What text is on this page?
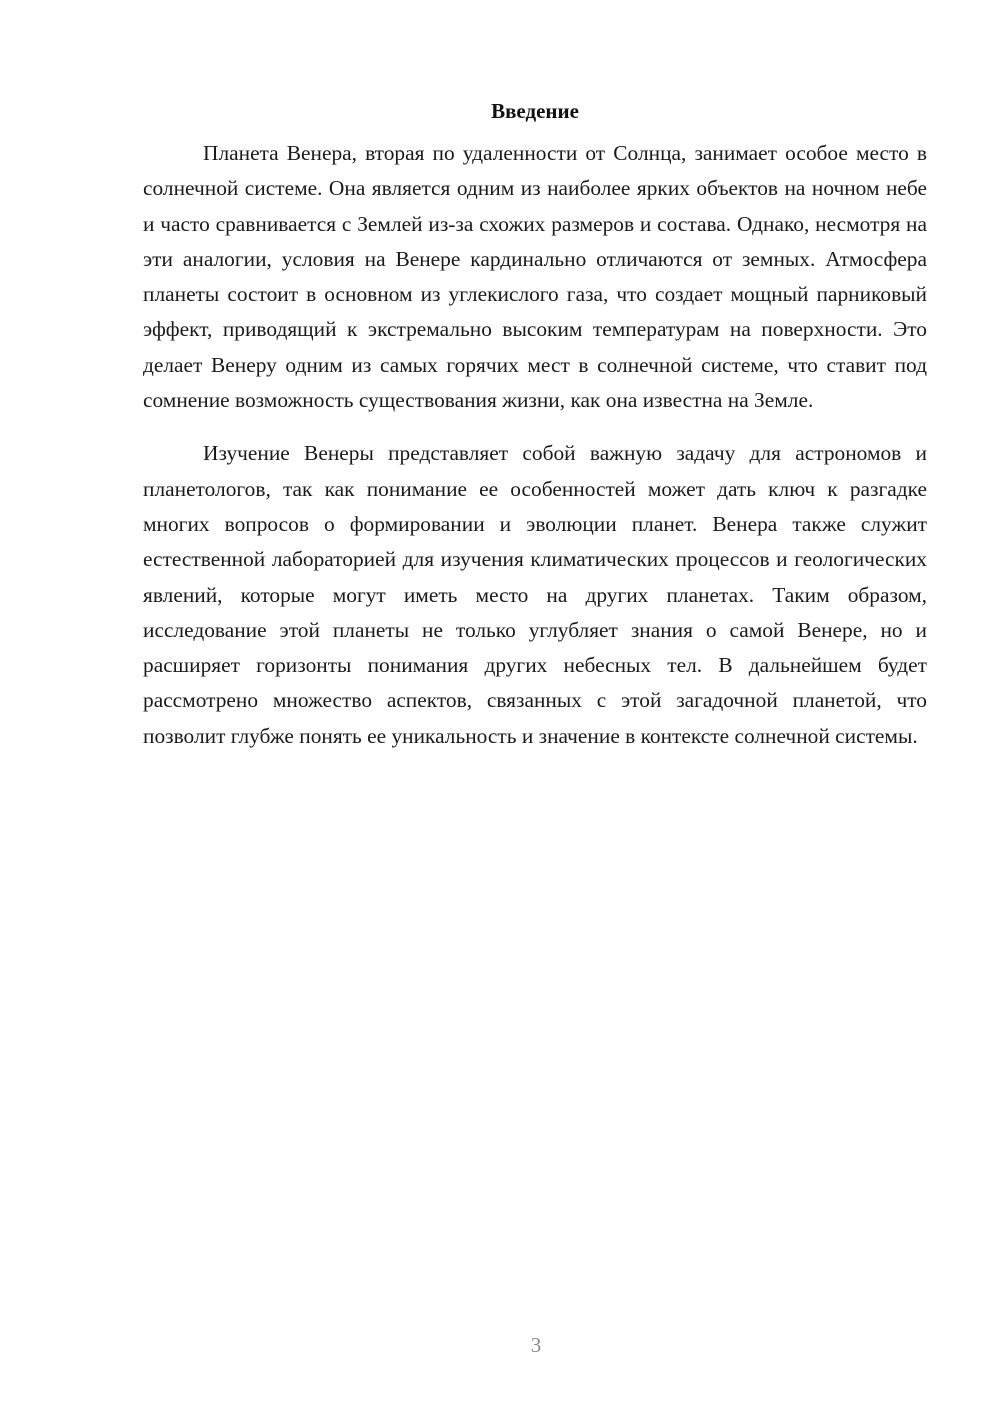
Введение

Планета Венера, вторая по удаленности от Солнца, занимает особое место в солнечной системе. Она является одним из наиболее ярких объектов на ночном небе и часто сравнивается с Землей из-за схожих размеров и состава. Однако, несмотря на эти аналогии, условия на Венере кардинально отличаются от земных. Атмосфера планеты состоит в основном из углекислого газа, что создает мощный парниковый эффект, приводящий к экстремально высоким температурам на поверхности. Это делает Венеру одним из самых горячих мест в солнечной системе, что ставит под сомнение возможность существования жизни, как она известна на Земле.

Изучение Венеры представляет собой важную задачу для астрономов и планетологов, так как понимание ее особенностей может дать ключ к разгадке многих вопросов о формировании и эволюции планет. Венера также служит естественной лабораторией для изучения климатических процессов и геологических явлений, которые могут иметь место на других планетах. Таким образом, исследование этой планеты не только углубляет знания о самой Венере, но и расширяет горизонты понимания других небесных тел. В дальнейшем будет рассмотрено множество аспектов, связанных с этой загадочной планетой, что позволит глубже понять ее уникальность и значение в контексте солнечной системы.

3
